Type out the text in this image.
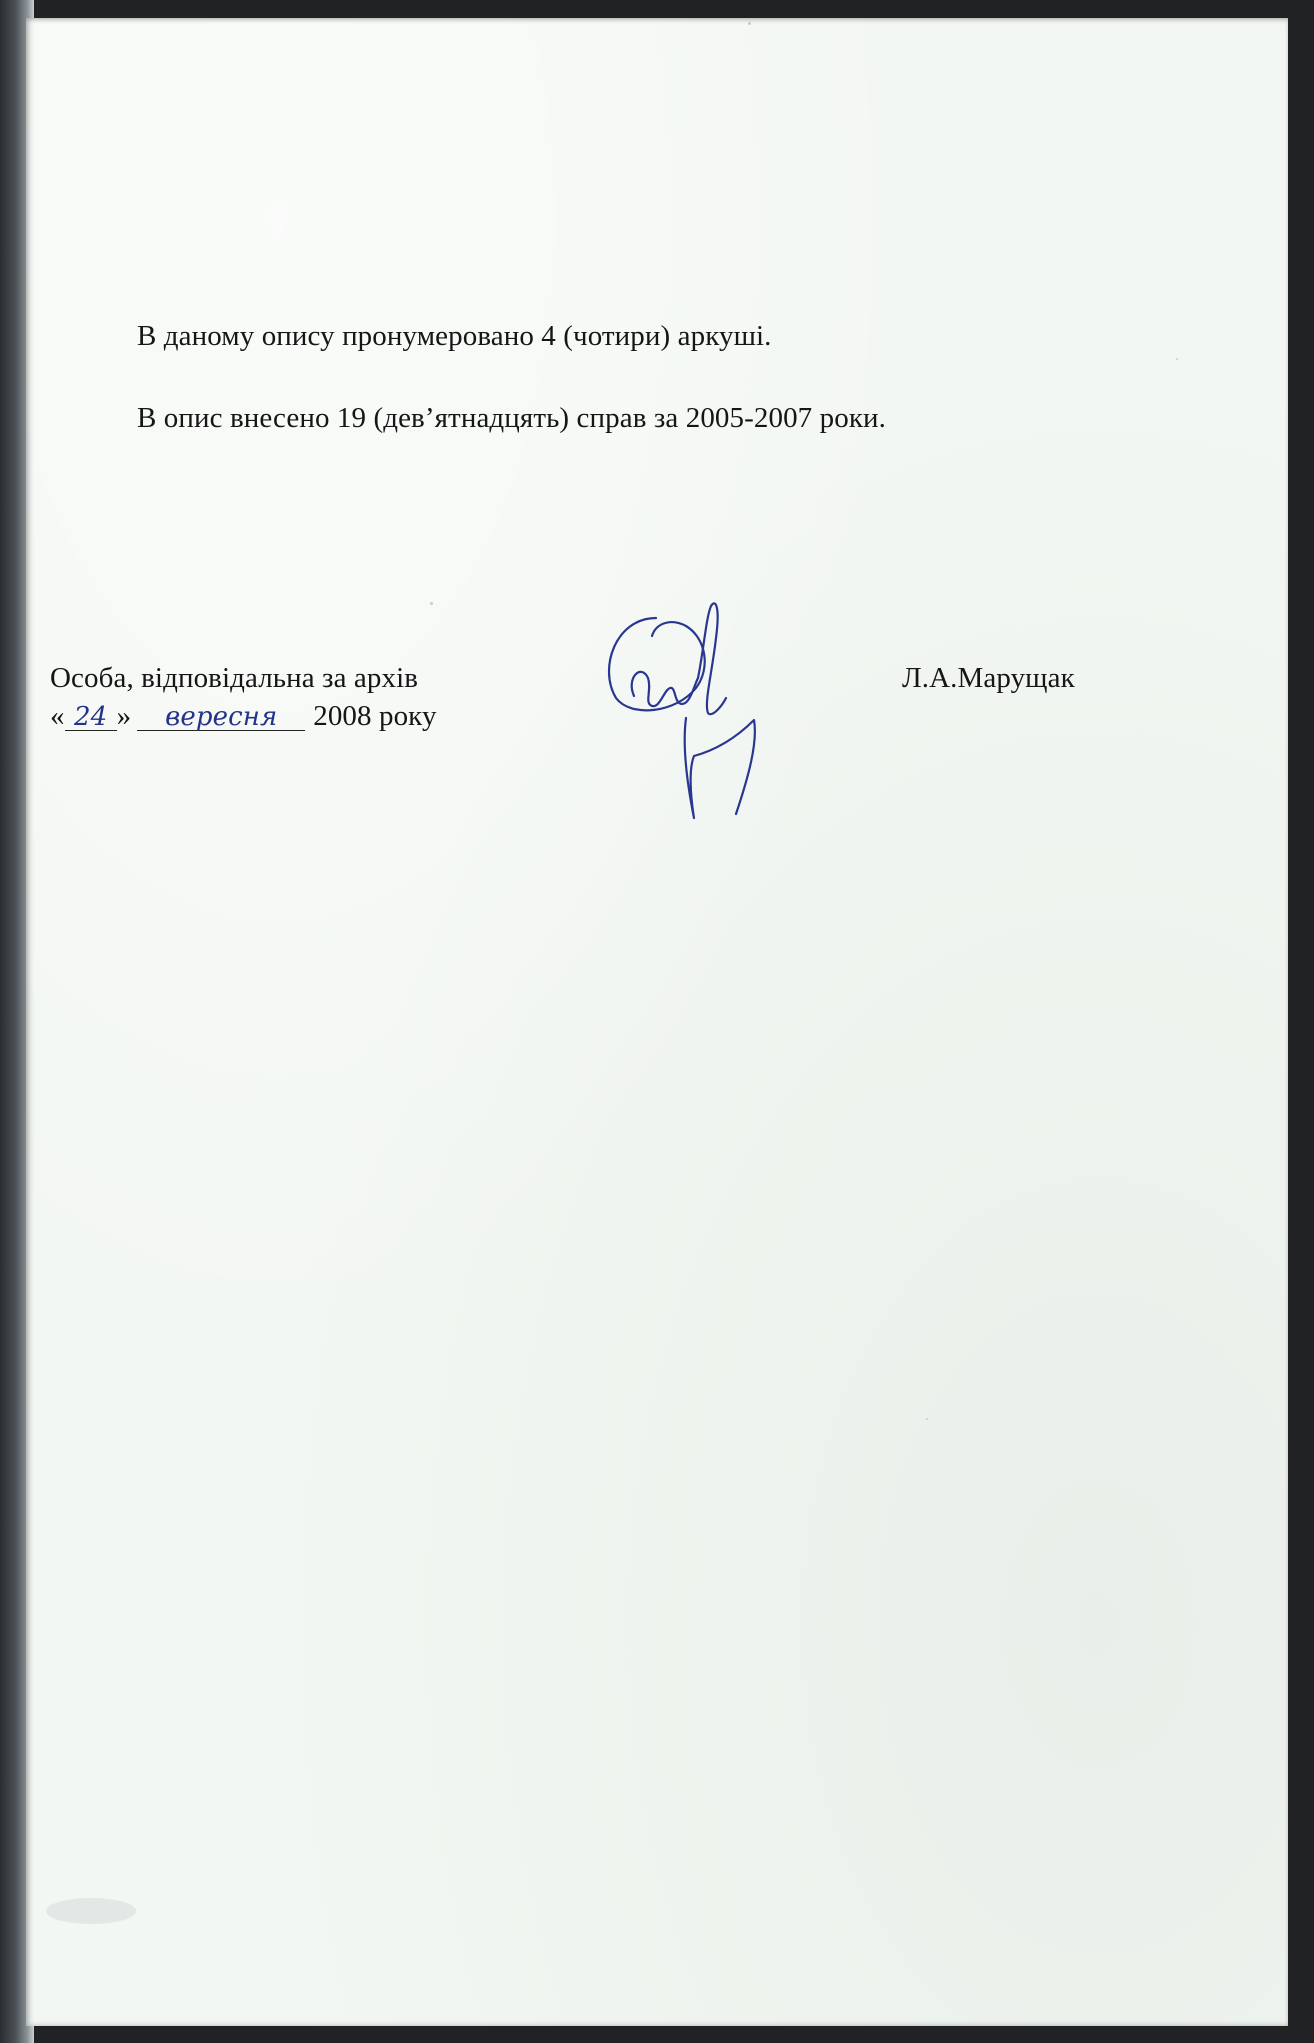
В даному опису пронумеровано 4 (чотири) аркуші.
В опис внесено 19 (дев’ятнадцять) справ за 2005-2007 роки.
Особа, відповідальна за архів	Л.А.Марущак
« 24 » вересня 2008 року
